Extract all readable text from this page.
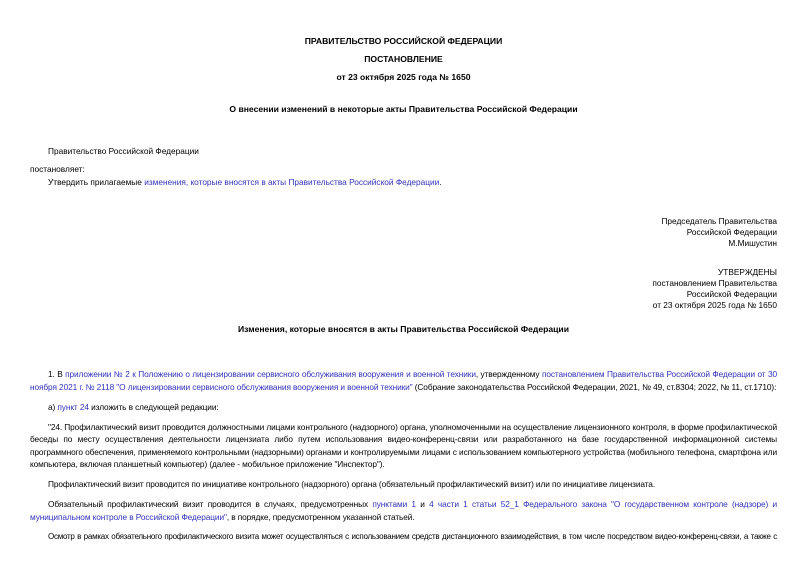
ПРАВИТЕЛЬСТВО РОССИЙСКОЙ ФЕДЕРАЦИИ
ПОСТАНОВЛЕНИЕ
от 23 октября 2025 года № 1650
О внесении изменений в некоторые акты Правительства Российской Федерации

Правительство Российской Федерации

постановляет:

Утвердить прилагаемые изменения, которые вносятся в акты Правительства Российской Федерации.

Председатель Правительства
Российской Федерации
М.Мишустин
УТВЕРЖДЕНЫ
постановлением Правительства
Российской Федерации
от 23 октября 2025 года № 1650
Изменения, которые вносятся в акты Правительства Российской Федерации

1. В приложении № 2 к Положению о лицензировании сервисного обслуживания вооружения и военной техники, утвержденному постановлением Правительства Российской Федерации от 30 ноября 2021 г. № 2118 "О лицензировании сервисного обслуживания вооружения и военной техники" (Собрание законодательства Российской Федерации, 2021, № 49, ст.8304; 2022, № 11, ст.1710):

а) пункт 24 изложить в следующей редакции:

"24. Профилактический визит проводится должностными лицами контрольного (надзорного) органа, уполномоченными на осуществление лицензионного контроля, в форме профилактической беседы по месту осуществления деятельности лицензиата либо путем использования видео-конференц-связи или разработанного на базе государственной информационной системы программного обеспечения, применяемого контрольными (надзорными) органами и контролируемыми лицами с использованием компьютерного устройства (мобильного телефона, смартфона или компьютера, включая планшетный компьютер) (далее - мобильное приложение "Инспектор").

Профилактический визит проводится по инициативе контрольного (надзорного) органа (обязательный профилактический визит) или по инициативе лицензиата.

Обязательный профилактический визит проводится в случаях, предусмотренных пунктами 1 и 4 части 1 статьи 52_1 Федерального закона "О государственном контроле (надзоре) и муниципальном контроле в Российской Федерации", в порядке, предусмотренном указанной статьей.

Осмотр в рамках обязательного профилактического визита может осуществляться с использованием средств дистанционного взаимодействия, в том числе посредством видео-конференц-связи, а также с
